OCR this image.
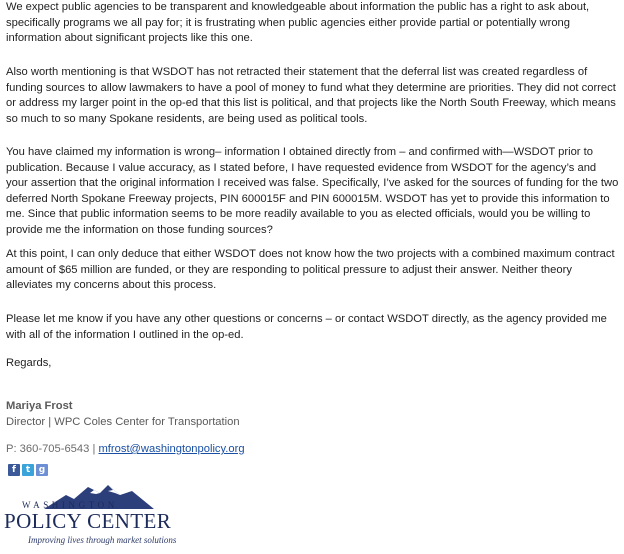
We expect public agencies to be transparent and knowledgeable about information the public has a right to ask about, specifically programs we all pay for; it is frustrating when public agencies either provide partial or potentially wrong information about significant projects like this one.

Also worth mentioning is that WSDOT has not retracted their statement that the deferral list was created regardless of funding sources to allow lawmakers to have a pool of money to fund what they determine are priorities. They did not correct or address my larger point in the op-ed that this list is political, and that projects like the North South Freeway, which means so much to so many Spokane residents, are being used as political tools.

You have claimed my information is wrong– information I obtained directly from – and confirmed with—WSDOT prior to publication. Because I value accuracy, as I stated before, I have requested evidence from WSDOT for the agency’s and your assertion that the original information I received was false. Specifically, I’ve asked for the sources of funding for the two deferred North Spokane Freeway projects, PIN 600015F and PIN 600015M. WSDOT has yet to provide this information to me. Since that public information seems to be more readily available to you as elected officials, would you be willing to provide me the information on those funding sources?

At this point, I can only deduce that either WSDOT does not know how the two projects with a combined maximum contract amount of $65 million are funded, or they are responding to political pressure to adjust their answer. Neither theory alleviates my concerns about this process.

Please let me know if you have any other questions or concerns – or contact WSDOT directly, as the agency provided me with all of the information I outlined in the op-ed.

Regards,

Mariya Frost
Director | WPC Coles Center for Transportation
P: 360-705-6543 | mfrost@washingtonpolicy.org
f	t g
WASHINGTON
POLICY CENTER
Improving lives through market solutions
